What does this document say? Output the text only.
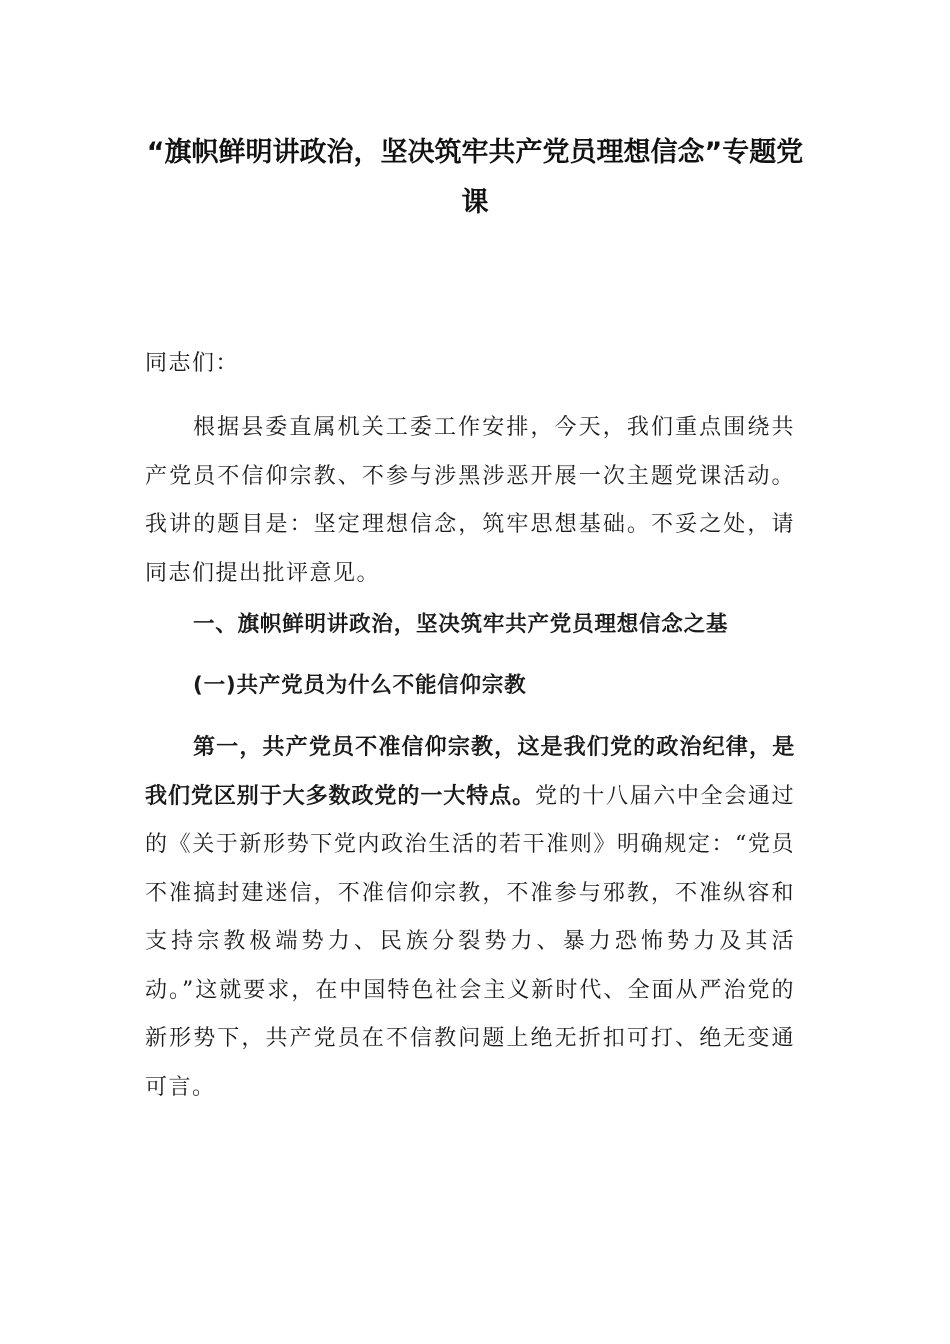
“旗帜鲜明讲政治，坚决筑牢共产党员理想信念”专题党课
同志们：
根据县委直属机关工委工作安排，今天，我们重点围绕共产党员不信仰宗教、不参与涉黑涉恶开展一次主题党课活动。我讲的题目是：坚定理想信念，筑牢思想基础。不妥之处，请同志们提出批评意见。
一、旗帜鲜明讲政治，坚决筑牢共产党员理想信念之基
(一)共产党员为什么不能信仰宗教
第一，共产党员不准信仰宗教，这是我们党的政治纪律，是我们党区别于大多数政党的一大特点。党的十八届六中全会通过的《关于新形势下党内政治生活的若干准则》明确规定：“党员不准搞封建迷信，不准信仰宗教，不准参与邪教，不准纵容和支持宗教极端势力、民族分裂势力、暴力恐怖势力及其活动。”这就要求，在中国特色社会主义新时代、全面从严治党的新形势下，共产党员在不信教问题上绝无折扣可打、绝无变通可言。
